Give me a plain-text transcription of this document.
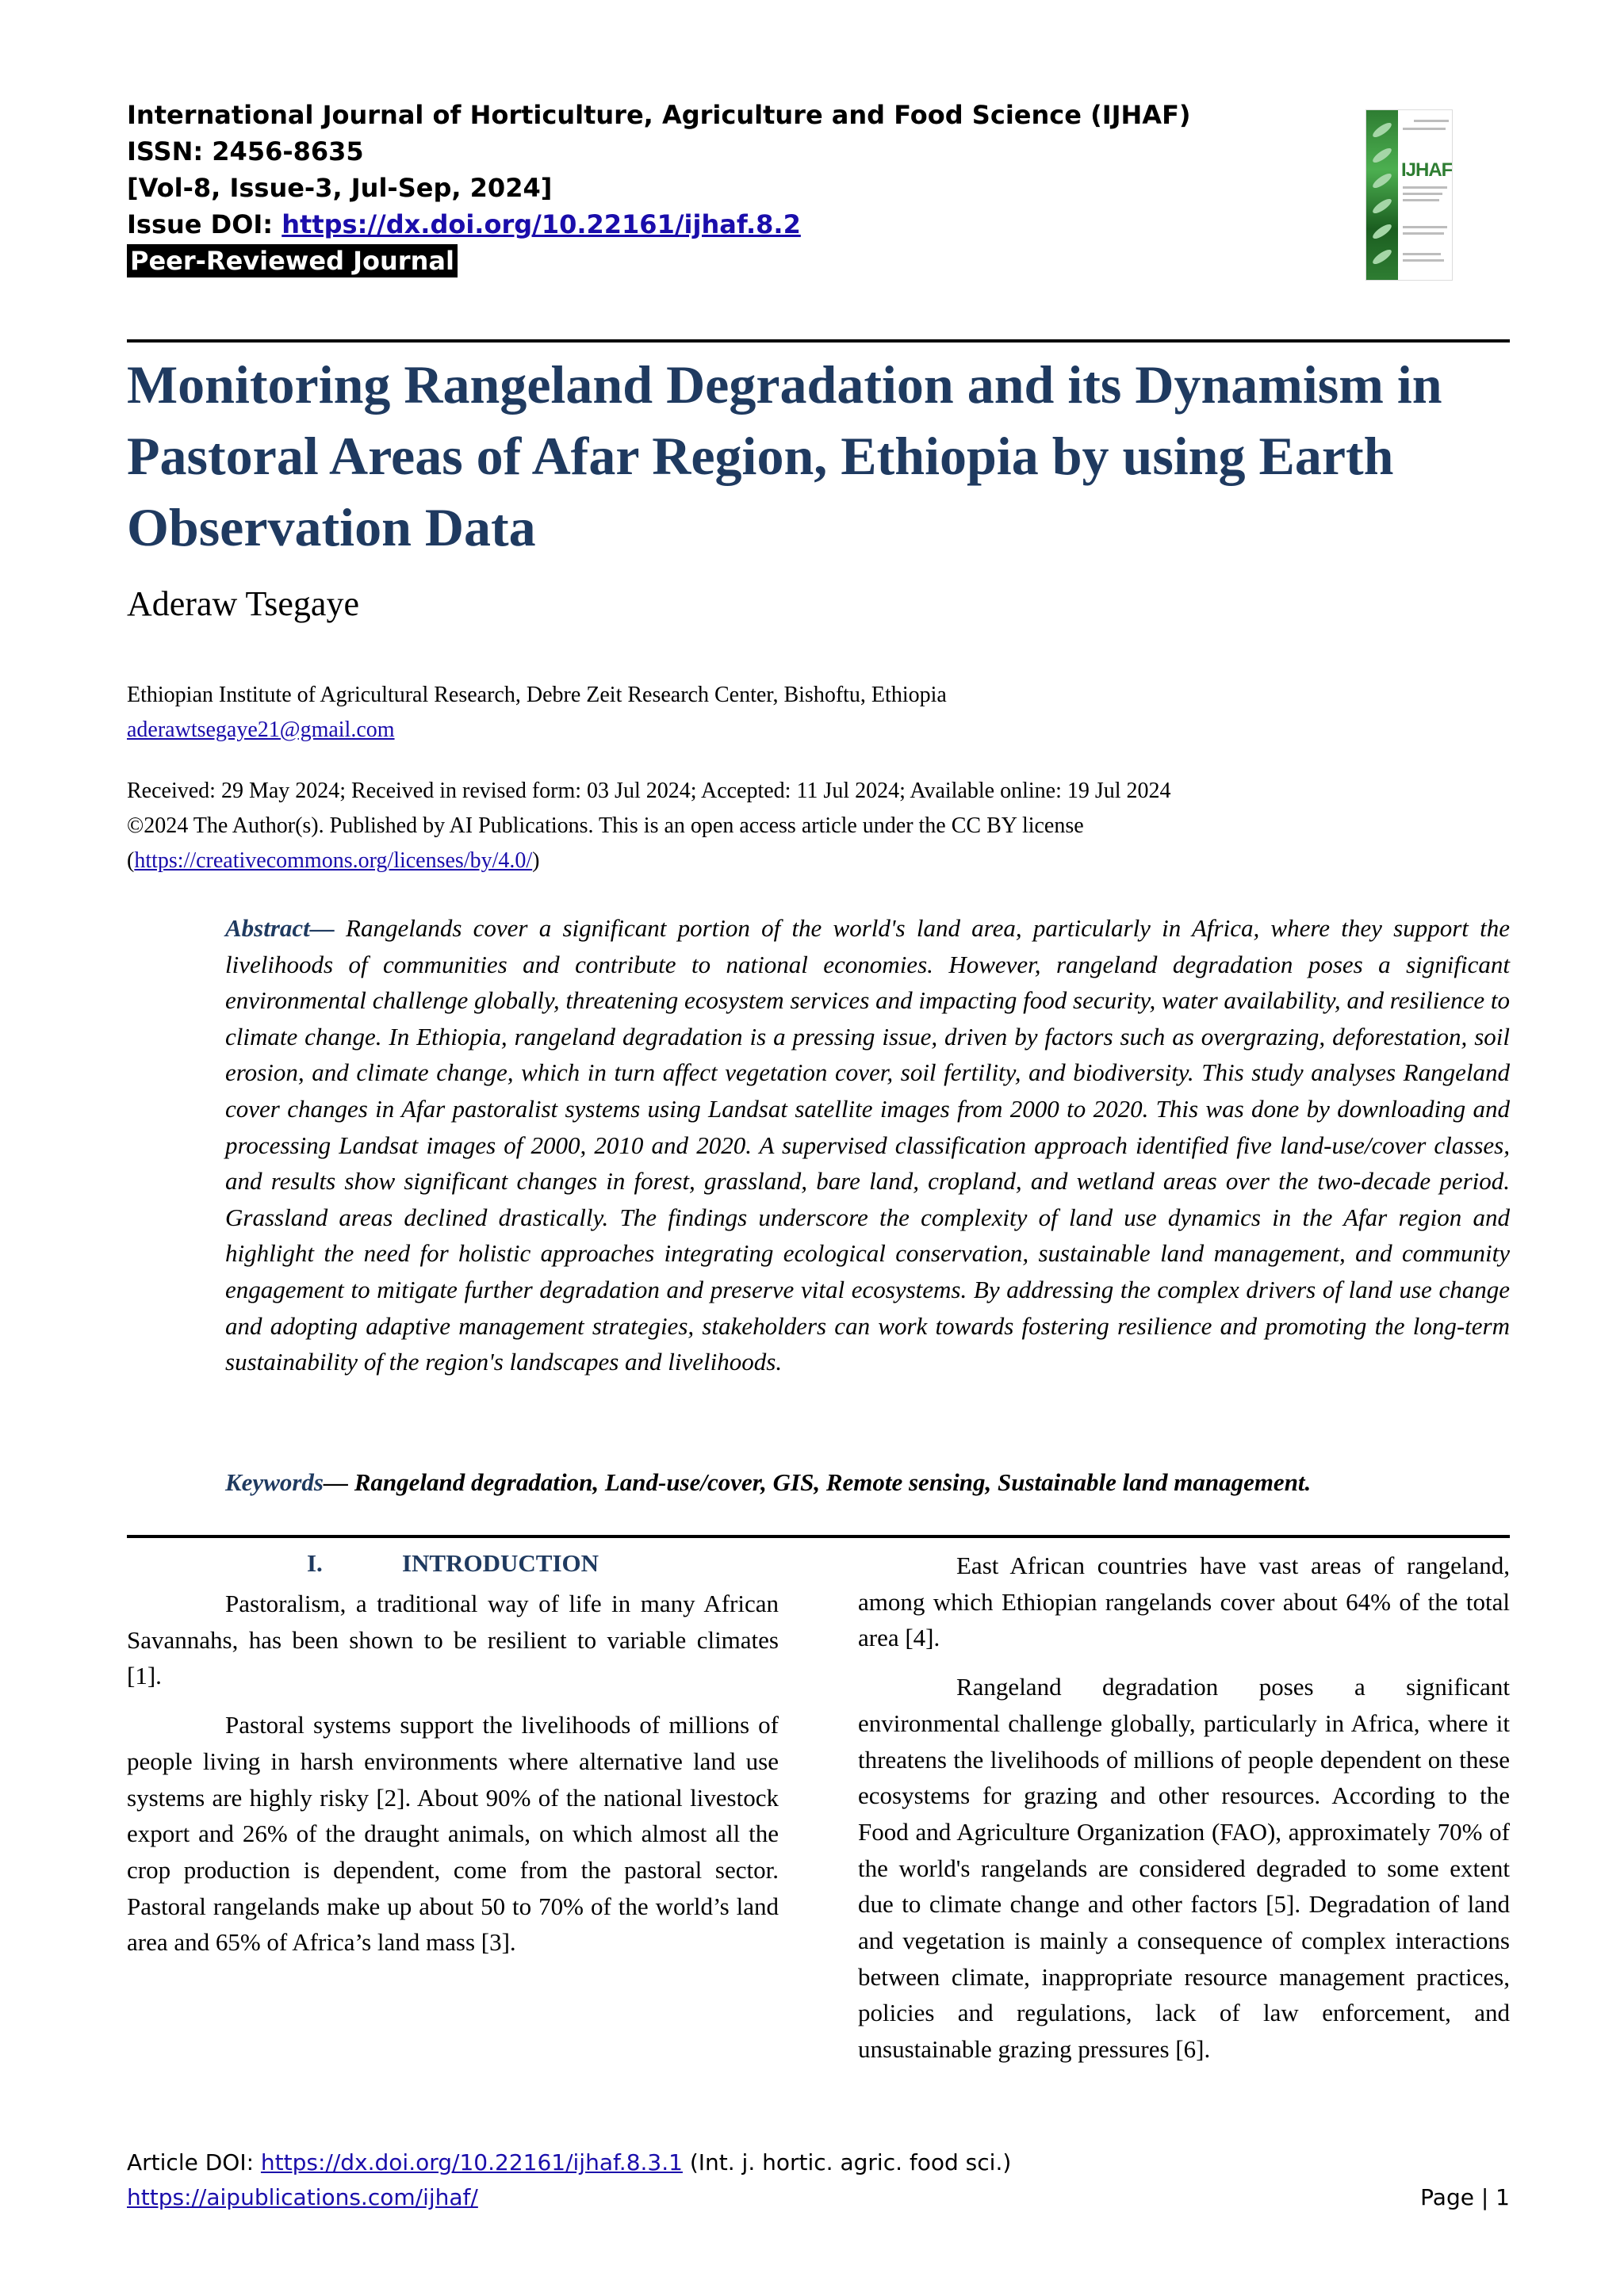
International Journal of Horticulture, Agriculture and Food Science (IJHAF)
ISSN: 2456-8635
[Vol-8, Issue-3, Jul-Sep, 2024]
Issue DOI: https://dx.doi.org/10.22161/ijhaf.8.2
Peer-Reviewed Journal
IJHAF
Monitoring Rangeland Degradation and its Dynamism in Pastoral Areas of Afar Region, Ethiopia by using Earth Observation Data
Aderaw Tsegaye
Ethiopian Institute of Agricultural Research, Debre Zeit Research Center, Bishoftu, Ethiopia
aderawtsegaye21@gmail.com
Received: 29 May 2024; Received in revised form: 03 Jul 2024; Accepted: 11 Jul 2024; Available online: 19 Jul 2024
©2024 The Author(s). Published by AI Publications. This is an open access article under the CC BY license
(https://creativecommons.org/licenses/by/4.0/)

Abstract— Rangelands cover a significant portion of the world's land area, particularly in Africa, where they support the livelihoods of communities and contribute to national economies. However, rangeland degradation poses a significant environmental challenge globally, threatening ecosystem services and impacting food security, water availability, and resilience to climate change. In Ethiopia, rangeland degradation is a pressing issue, driven by factors such as overgrazing, deforestation, soil erosion, and climate change, which in turn affect vegetation cover, soil fertility, and biodiversity. This study analyses Rangeland cover changes in Afar pastoralist systems using Landsat satellite images from 2000 to 2020. This was done by downloading and processing Landsat images of 2000, 2010 and 2020. A supervised classification approach identified five land-use/cover classes, and results show significant changes in forest, grassland, bare land, cropland, and wetland areas over the two-decade period. Grassland areas declined drastically. The findings underscore the complexity of land use dynamics in the Afar region and highlight the need for holistic approaches integrating ecological conservation, sustainable land management, and community engagement to mitigate further degradation and preserve vital ecosystems. By addressing the complex drivers of land use change and adopting adaptive management strategies, stakeholders can work towards fostering resilience and promoting the long-term sustainability of the region's landscapes and livelihoods.

Keywords— Rangeland degradation, Land-use/cover, GIS, Remote sensing, Sustainable land management.
I.	INTRODUCTION

Pastoralism, a traditional way of life in many African Savannahs, has been shown to be resilient to variable climates [1].

Pastoral systems support the livelihoods of millions of people living in harsh environments where alternative land use systems are highly risky [2]. About 90% of the national livestock export and 26% of the draught animals, on which almost all the crop production is dependent, come from the pastoral sector. Pastoral rangelands make up about 50 to 70% of the world’s land area and 65% of Africa’s land mass [3].

East African countries have vast areas of rangeland, among which Ethiopian rangelands cover about 64% of the total area [4].

Rangeland degradation poses a significant environmental challenge globally, particularly in Africa, where it threatens the livelihoods of millions of people dependent on these ecosystems for grazing and other resources. According to the Food and Agriculture Organization (FAO), approximately 70% of the world's rangelands are considered degraded to some extent due to climate change and other factors [5]. Degradation of land and vegetation is mainly a consequence of complex interactions between climate, inappropriate resource management practices, policies and regulations, lack of law enforcement, and unsustainable grazing pressures [6].

Article DOI: https://dx.doi.org/10.22161/ijhaf.8.3.1 (Int. j. hortic. agric. food sci.)
https://aipublications.com/ijhaf/	Page | 1
